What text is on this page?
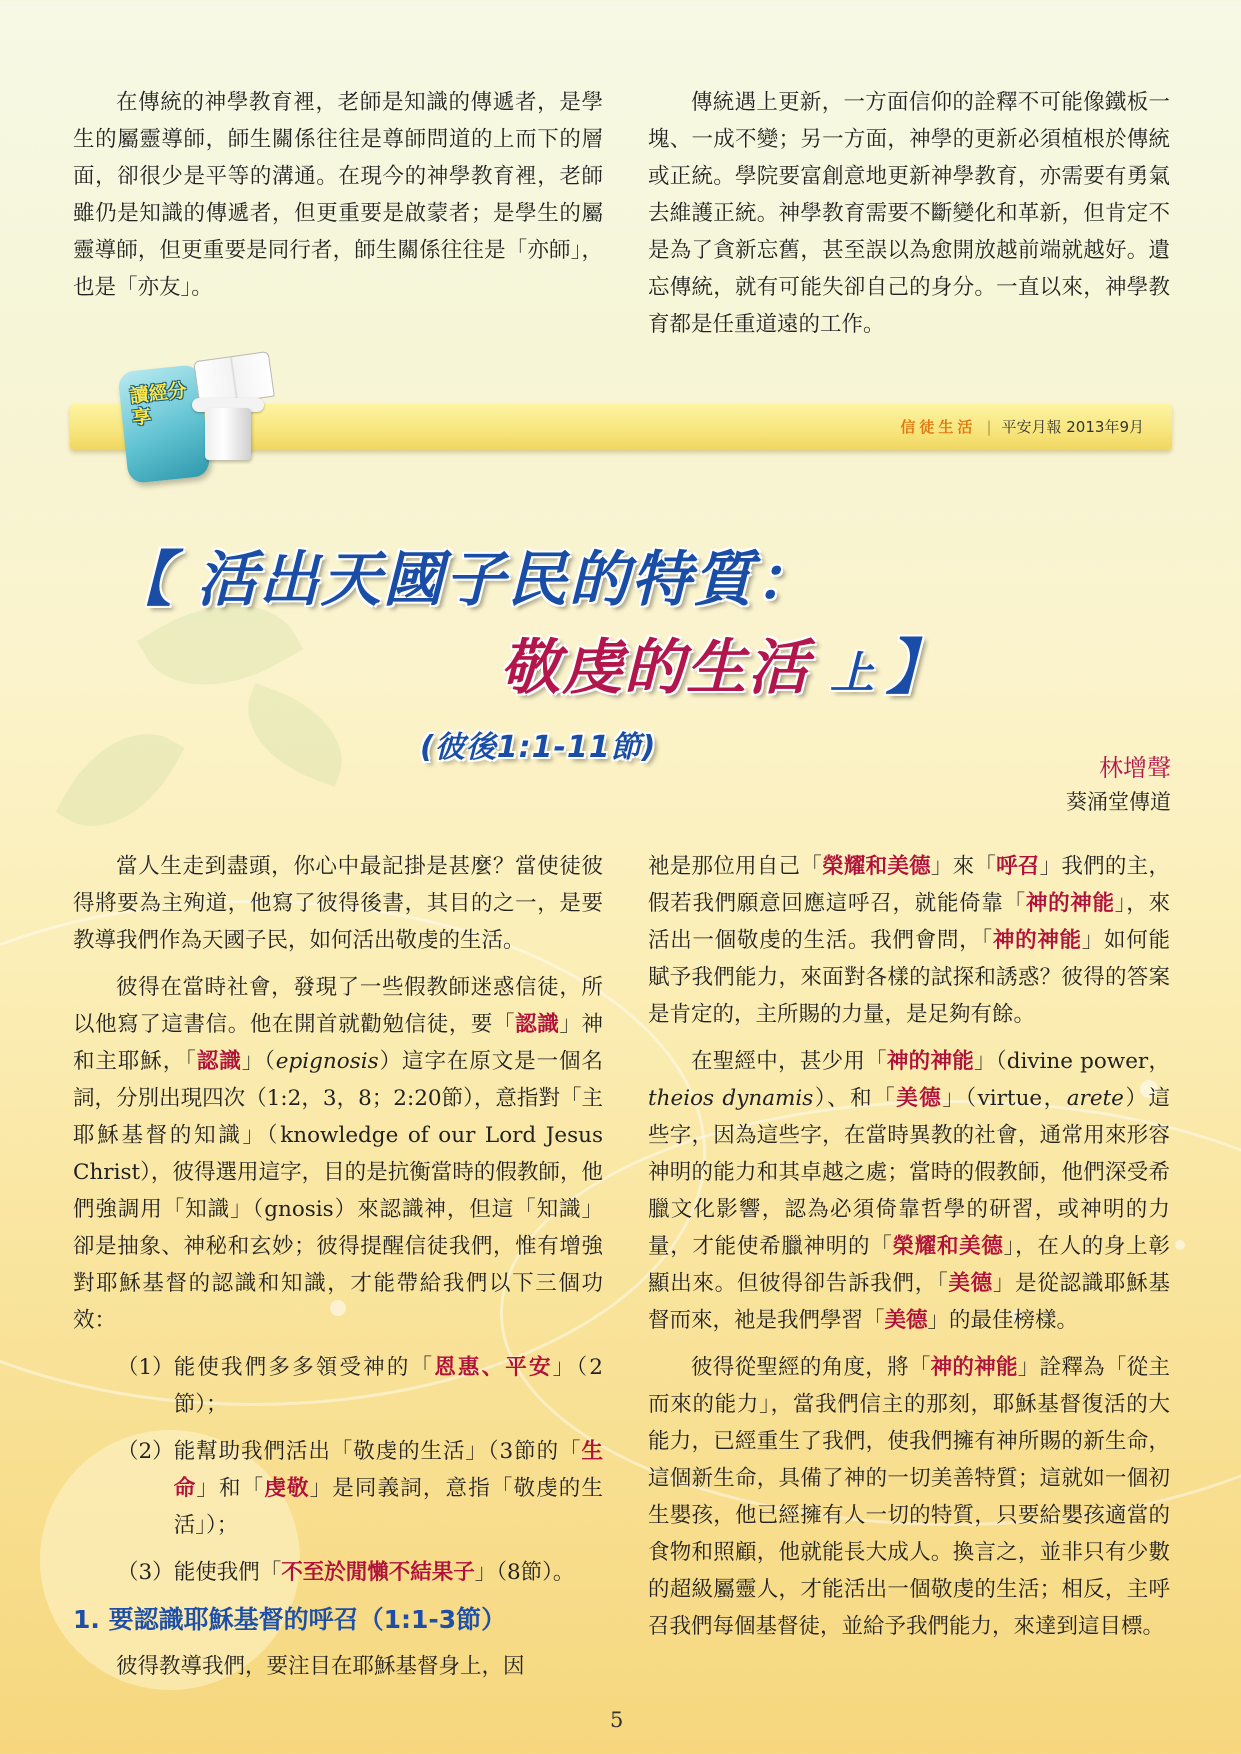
在傳統的神學教育裡，老師是知識的傳遞者，是學生的屬靈導師，師生關係往往是尊師問道的上而下的層面，卻很少是平等的溝通。在現今的神學教育裡，老師雖仍是知識的傳遞者，但更重要是啟蒙者；是學生的屬靈導師，但更重要是同行者，師生關係往往是「亦師」，也是「亦友」。

傳統遇上更新，一方面信仰的詮釋不可能像鐵板一塊、一成不變；另一方面，神學的更新必須植根於傳統或正統。學院要富創意地更新神學教育，亦需要有勇氣去維護正統。神學教育需要不斷變化和革新，但肯定不是為了貪新忘舊，甚至誤以為愈開放越前端就越好。遺忘傳統，就有可能失卻自己的身分。一直以來，神學教育都是任重道遠的工作。

信徒生活 | 平安月報 2013年9月
讀經分享
【 活出天國子民的特質：
敬虔的生活 上 】
(彼後1:1-11節)
林增聲
葵涌堂傳道

當人生走到盡頭，你心中最記掛是甚麼？當使徒彼得將要為主殉道，他寫了彼得後書，其目的之一，是要教導我們作為天國子民，如何活出敬虔的生活。

彼得在當時社會，發現了一些假教師迷惑信徒，所以他寫了這書信。他在開首就勸勉信徒，要「認識」神和主耶穌，「認識」（epignosis）這字在原文是一個名詞，分別出現四次（1:2，3，8；2:20節），意指對「主耶穌基督的知識」（knowledge of our Lord Jesus Christ），彼得選用這字，目的是抗衡當時的假教師，他們強調用「知識」（gnosis）來認識神，但這「知識」卻是抽象、神秘和玄妙；彼得提醒信徒我們，惟有增強對耶穌基督的認識和知識，才能帶給我們以下三個功效：

（1） 能使我們多多領受神的「恩惠、平安」（2節）；
（2） 能幫助我們活出「敬虔的生活」（3節的「生命」和「虔敬」是同義詞，意指「敬虔的生活」）；
（3） 能使我們「不至於閒懶不結果子」（8節）。
1. 要認識耶穌基督的呼召（1:1-3節）

彼得教導我們，要注目在耶穌基督身上，因

祂是那位用自己「榮耀和美德」來「呼召」我們的主，假若我們願意回應這呼召，就能倚靠「神的神能」，來活出一個敬虔的生活。我們會問，「神的神能」如何能賦予我們能力，來面對各樣的試探和誘惑？彼得的答案是肯定的，主所賜的力量，是足夠有餘。

在聖經中，甚少用「神的神能」（divine power，theios dynamis）、和「美德」（virtue，arete）這些字，因為這些字，在當時異教的社會，通常用來形容神明的能力和其卓越之處；當時的假教師，他們深受希臘文化影響，認為必須倚靠哲學的研習，或神明的力量，才能使希臘神明的「榮耀和美德」，在人的身上彰顯出來。但彼得卻告訴我們，「美德」是從認識耶穌基督而來，祂是我們學習「美德」的最佳榜樣。

彼得從聖經的角度，將「神的神能」詮釋為「從主而來的能力」，當我們信主的那刻，耶穌基督復活的大能力，已經重生了我們，使我們擁有神所賜的新生命，這個新生命，具備了神的一切美善特質；這就如一個初生嬰孩，他已經擁有人一切的特質，只要給嬰孩適當的食物和照顧，他就能長大成人。換言之，並非只有少數的超級屬靈人，才能活出一個敬虔的生活；相反，主呼召我們每個基督徒，並給予我們能力，來達到這目標。

5
